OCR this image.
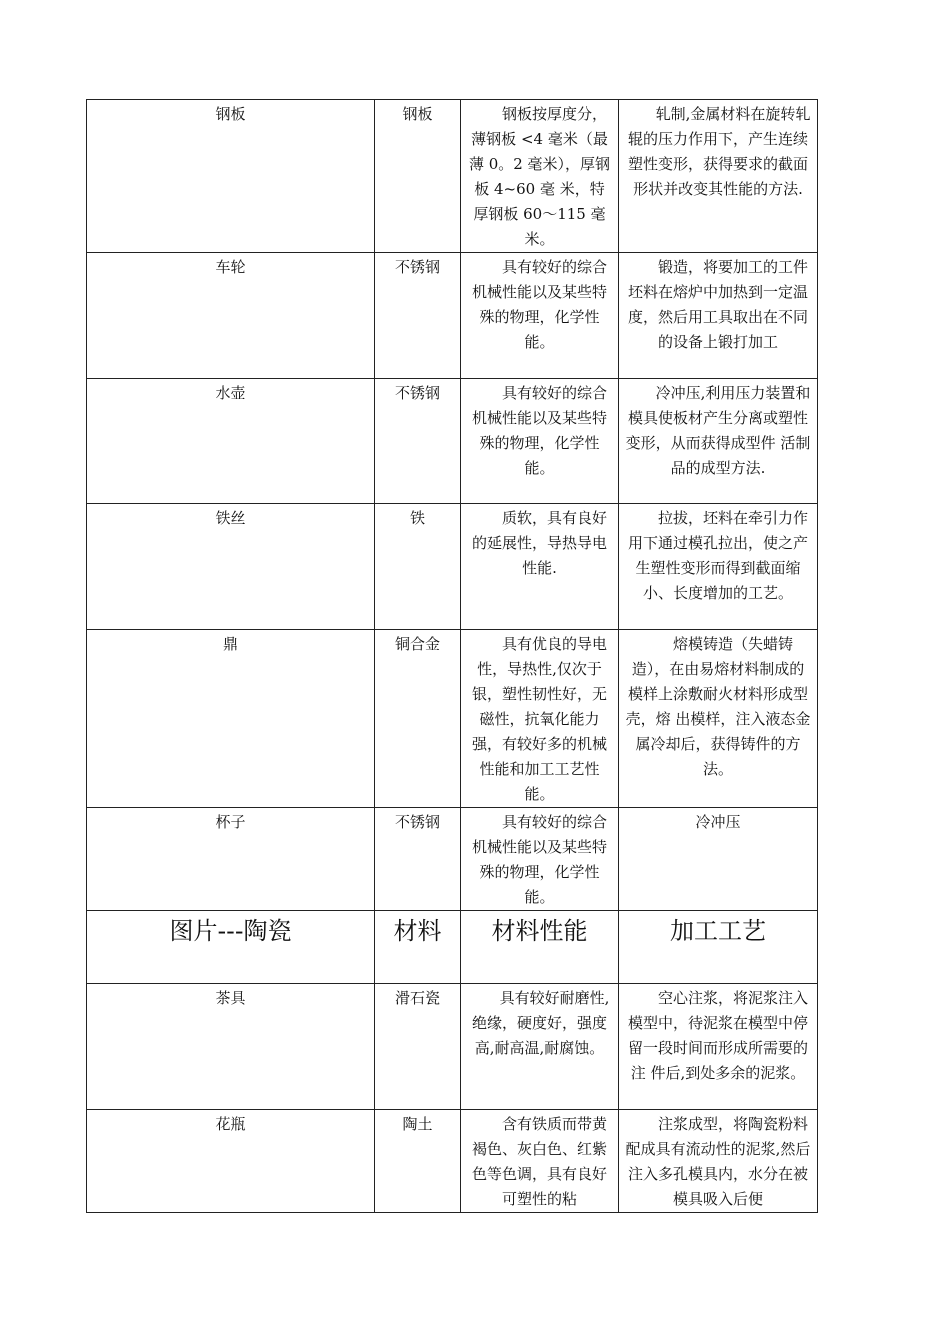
钢板	钢板	钢板按厚度分，薄钢板 <4 毫米（最薄 0。2 毫米），厚钢板 4~60 毫 米，特厚钢板 60～115 毫 米。	轧制,金属材料在旋转轧辊的压力作用下，产生连续塑性变形，获得要求的截面形状并改变其性能的方法.

车轮	不锈钢	具有较好的综合机械性能以及某些特殊的物理，化学性能。	锻造，将要加工的工件坯料在熔炉中加热到一定温度，然后用工具取出在不同的设备上锻打加工

水壶	不锈钢	具有较好的综合机械性能以及某些特殊的物理，化学性能。	冷冲压,利用压力装置和模具使板材产生分离或塑性变形，从而获得成型件 活制品的成型方法.

铁丝	铁	质软，具有良好的延展性，导热导电性能.	拉拔，坯料在牵引力作用下通过模孔拉出，使之产生塑性变形而得到截面缩小、长度增加的工艺。

鼎	铜合金	具有优良的导电性，导热性,仅次于银，塑性韧性好，无磁性，抗氧化能力强，有较好多的机械性能和加工工艺性能。	熔模铸造（失蜡铸造），在由易熔材料制成的模样上涂敷耐火材料形成型壳，熔 出模样，注入液态金属冷却后，获得铸件的方法。

杯子	不锈钢	具有较好的综合机械性能以及某些特殊的物理，化学性能。	冷冲压

图片---陶瓷	材料	材料性能	加工工艺

茶具	滑石瓷	具有较好耐磨性,绝缘，硬度好，强度高,耐高温,耐腐蚀。	空心注浆，将泥浆注入模型中，待泥浆在模型中停留一段时间而形成所需要的 注 件后,到处多余的泥浆。

花瓶	陶土	含有铁质而带黄褐色、灰白色、红紫色等色调，具有良好可塑性的粘	注浆成型，将陶瓷粉料配成具有流动性的泥浆,然后注入多孔模具内，水分在被模具吸入后便
